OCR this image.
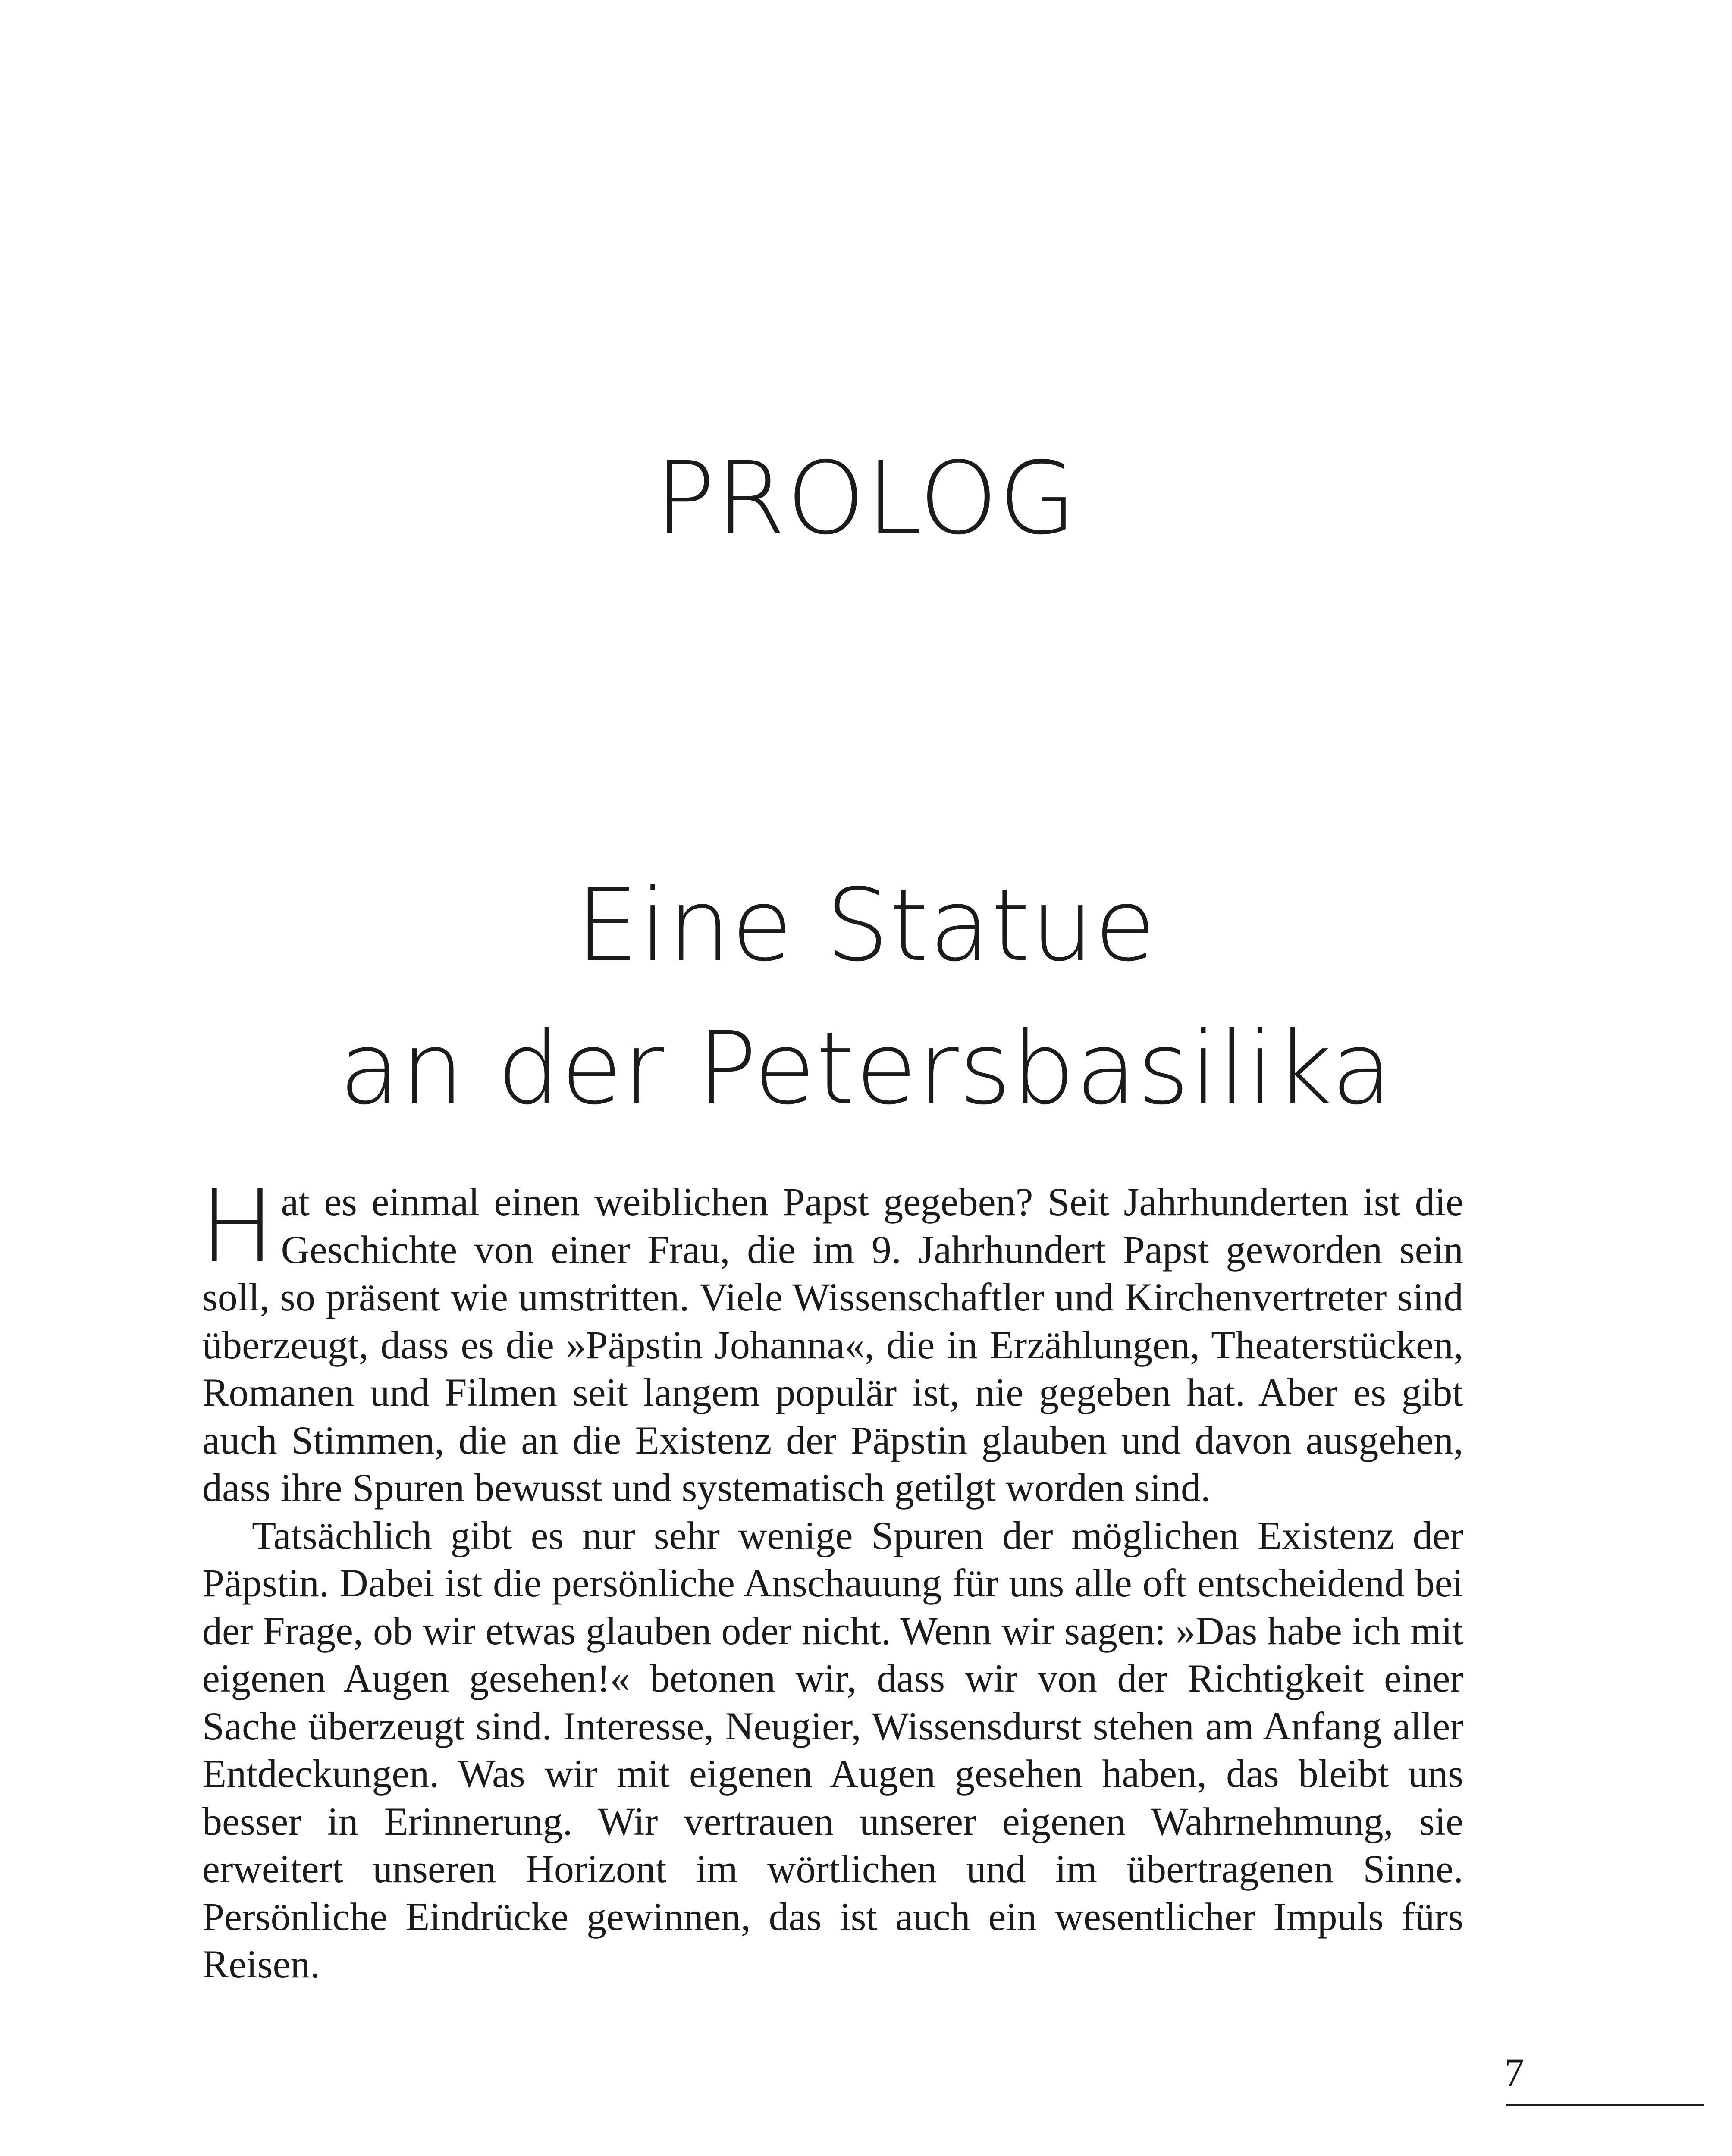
PROLOG
Eine Statue
an der Petersbasilika

Hat es einmal einen weiblichen Papst gegeben? Seit Jahrhunderten ist die Geschichte von einer Frau, die im 9. Jahrhundert Papst geworden sein soll, so präsent wie umstritten. Viele Wissenschaftler und Kirchenvertreter sind überzeugt, dass es die »Päpstin Johanna«, die in Erzählungen, Theaterstücken, Romanen und Filmen seit langem populär ist, nie gegeben hat. Aber es gibt auch Stimmen, die an die Existenz der Päpstin glauben und davon ausgehen, dass ihre Spuren bewusst und systematisch getilgt worden sind.

Tatsächlich gibt es nur sehr wenige Spuren der möglichen Existenz der Päpstin. Dabei ist die persönliche Anschauung für uns alle oft entscheidend bei der Frage, ob wir etwas glauben oder nicht. Wenn wir sagen: »Das habe ich mit eigenen Augen gesehen!« betonen wir, dass wir von der Richtigkeit einer Sache überzeugt sind. Interesse, Neugier, Wissensdurst stehen am Anfang aller Entdeckungen. Was wir mit eigenen Augen gesehen haben, das bleibt uns besser in Erinnerung. Wir vertrauen unserer eigenen Wahrnehmung, sie erweitert unseren Horizont im wörtlichen und im übertragenen Sinne. Persönliche Eindrücke gewinnen, das ist auch ein wesentlicher Impuls fürs Reisen.

7
